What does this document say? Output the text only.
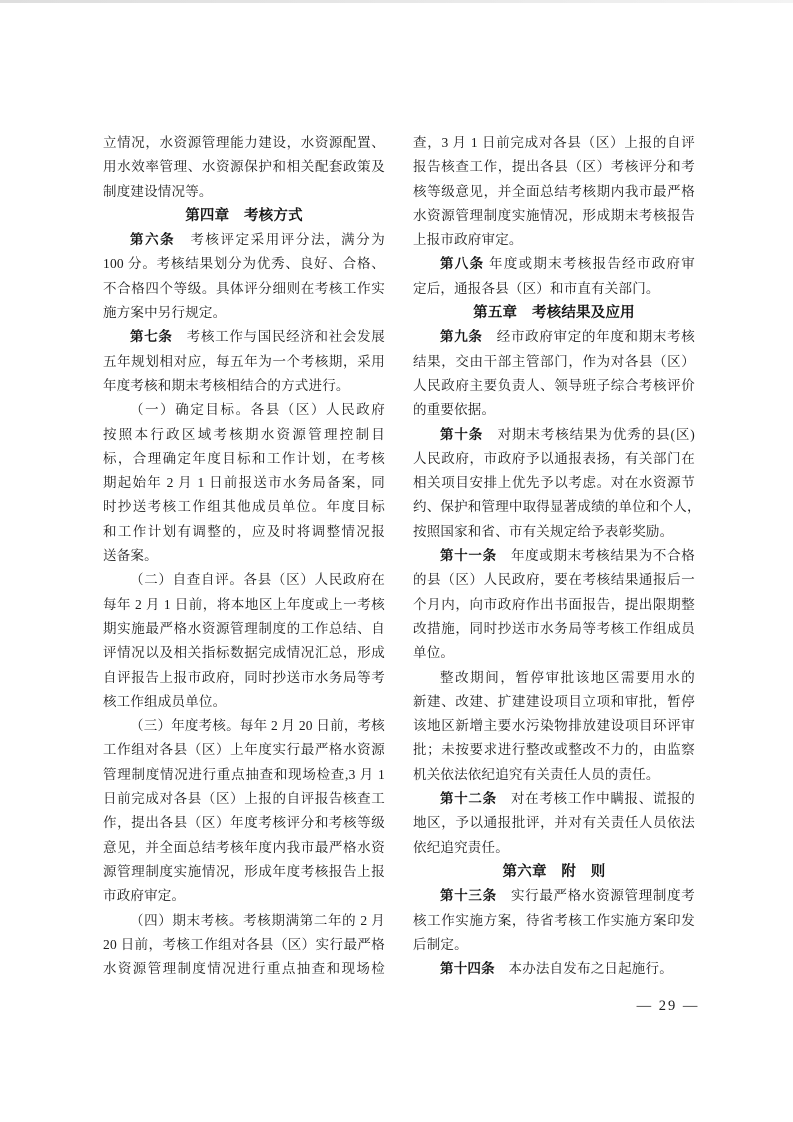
立情况，水资源管理能力建设，水资源配置、
用水效率管理、水资源保护和相关配套政策及
制度建设情况等。
第四章　考核方式
第六条　考核评定采用评分法，满分为
100 分。考核结果划分为优秀、良好、合格、
不合格四个等级。具体评分细则在考核工作实
施方案中另行规定。
第七条　考核工作与国民经济和社会发展
五年规划相对应，每五年为一个考核期，采用
年度考核和期末考核相结合的方式进行。
（一）确定目标。各县（区）人民政府
按照本行政区域考核期水资源管理控制目
标，合理确定年度目标和工作计划，在考核
期起始年 2 月 1 日前报送市水务局备案，同
时抄送考核工作组其他成员单位。年度目标
和工作计划有调整的，应及时将调整情况报
送备案。
（二）自查自评。各县（区）人民政府在
每年 2 月 1 日前，将本地区上年度或上一考核
期实施最严格水资源管理制度的工作总结、自
评情况以及相关指标数据完成情况汇总，形成
自评报告上报市政府，同时抄送市水务局等考
核工作组成员单位。
（三）年度考核。每年 2 月 20 日前，考核
工作组对各县（区）上年度实行最严格水资源
管理制度情况进行重点抽查和现场检查,3 月 1
日前完成对各县（区）上报的自评报告核查工
作，提出各县（区）年度考核评分和考核等级
意见，并全面总结考核年度内我市最严格水资
源管理制度实施情况，形成年度考核报告上报
市政府审定。
（四）期末考核。考核期满第二年的 2 月
20 日前，考核工作组对各县（区）实行最严格
水资源管理制度情况进行重点抽查和现场检
查，3 月 1 日前完成对各县（区）上报的自评
报告核查工作，提出各县（区）考核评分和考
核等级意见，并全面总结考核期内我市最严格
水资源管理制度实施情况，形成期末考核报告
上报市政府审定。
第八条 年度或期末考核报告经市政府审
定后，通报各县（区）和市直有关部门。
第五章　考核结果及应用
第九条　经市政府审定的年度和期末考核
结果，交由干部主管部门，作为对各县（区）
人民政府主要负责人、领导班子综合考核评价
的重要依据。
第十条　对期末考核结果为优秀的县(区)
人民政府，市政府予以通报表扬，有关部门在
相关项目安排上优先予以考虑。对在水资源节
约、保护和管理中取得显著成绩的单位和个人，
按照国家和省、市有关规定给予表彰奖励。
第十一条　年度或期末考核结果为不合格
的县（区）人民政府，要在考核结果通报后一
个月内，向市政府作出书面报告，提出限期整
改措施，同时抄送市水务局等考核工作组成员
单位。
整改期间，暂停审批该地区需要用水的
新建、改建、扩建建设项目立项和审批，暂停
该地区新增主要水污染物排放建设项目环评审
批；未按要求进行整改或整改不力的，由监察
机关依法依纪追究有关责任人员的责任。
第十二条　对在考核工作中瞒报、谎报的
地区，予以通报批评，并对有关责任人员依法
依纪追究责任。
第六章　附　则
第十三条　实行最严格水资源管理制度考
核工作实施方案，待省考核工作实施方案印发
后制定。
第十四条　本办法自发布之日起施行。
— 29 —
